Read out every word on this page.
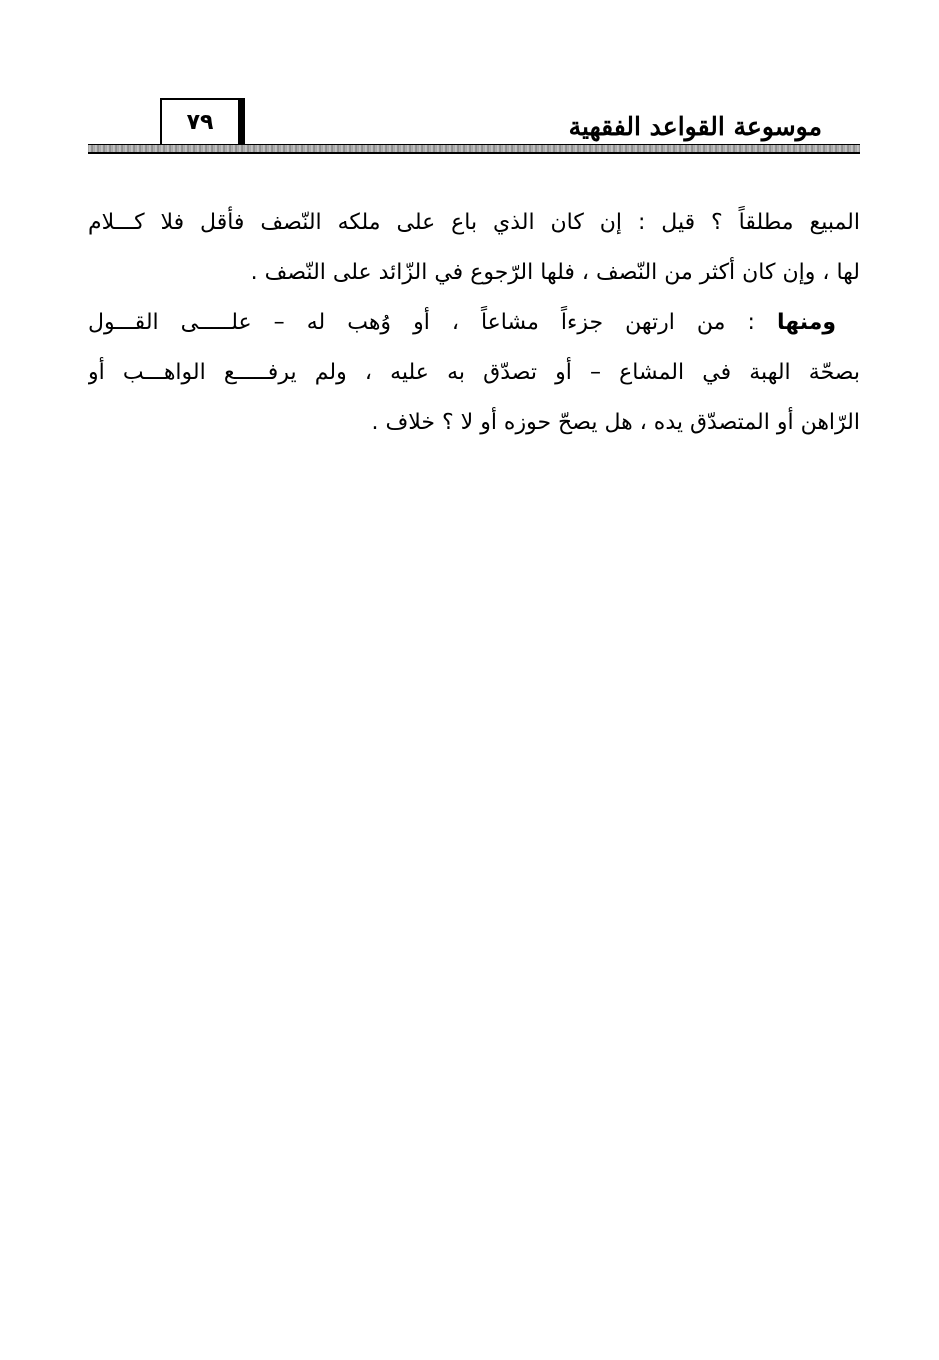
٧٩	موسوعة القواعد الفقهية
المبيع مطلقاً ؟ قيل : إن كان الذي باع على ملكه النّصف فأقل فلا كـــلام
لها ، وإن كان أكثر من النّصف ، فلها الرّجوع في الزّائد على النّصف .
ومنها : من ارتهن جزءاً مشاعاً ، أو وُهب له – علـــــى القـــول
بصحّة الهبة في المشاع – أو تصدّق به عليه ، ولم يرفـــــع الواهـــب أو
الرّاهن أو المتصدّق يده ، هل يصحّ حوزه أو لا ؟ خلاف .
